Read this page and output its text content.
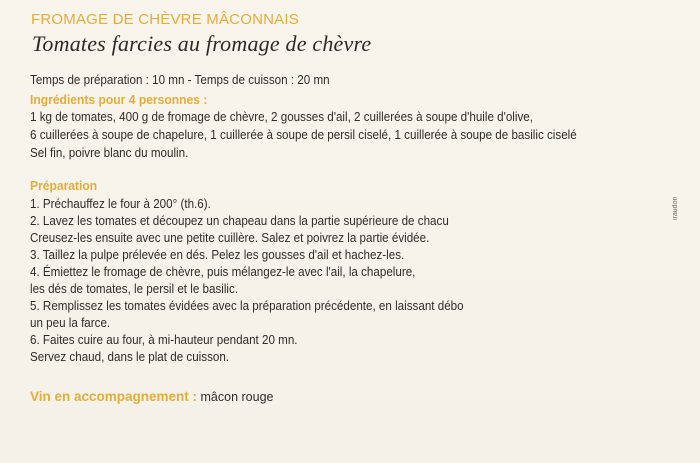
FROMAGE DE CHÈVRE MÂCONNAIS
Tomates farcies au fromage de chèvre
Temps de préparation : 10 mn - Temps de cuisson : 20 mn
Ingrédients pour 4 personnes :
1 kg de tomates, 400 g de fromage de chèvre, 2 gousses d'ail, 2 cuillerées à soupe d'huile d'olive,
6 cuillerées à soupe de chapelure, 1 cuillerée à soupe de persil ciselé, 1 cuillerée à soupe de basilic ciselé
Sel fin, poivre blanc du moulin.
Préparation
1. Préchauffez le four à 200° (th.6).
2. Lavez les tomates et découpez un chapeau dans la partie supérieure de chacu
Creusez-les ensuite avec une petite cuillère. Salez et poivrez la partie évidée.
3. Taillez la pulpe prélevée en dés. Pelez les gousses d'ail et hachez-les.
4. Émiettez le fromage de chèvre, puis mélangez-le avec l'ail, la chapelure,
les dés de tomates, le persil et le basilic.
5. Remplissez les tomates évidées avec la préparation précédente, en laissant débo
un peu la farce.
6. Faites cuire au four, à mi-hauteur pendant 20 mn.
Servez chaud, dans le plat de cuisson.
Vin en accompagnement : mâcon rouge
iraudon
